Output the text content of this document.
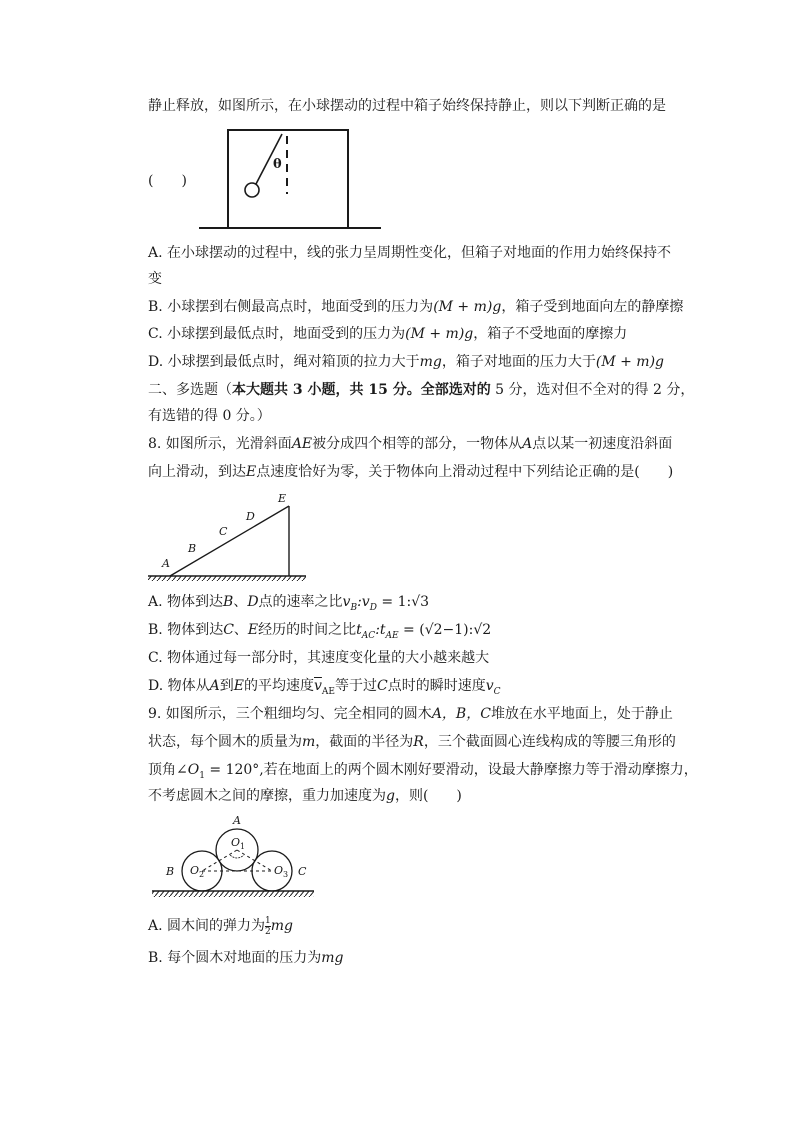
静止释放，如图所示，在小球摆动的过程中箱子始终保持静止，则以下判断正确的是
θ
(　　)
A. 在小球摆动的过程中，线的张力呈周期性变化，但箱子对地面的作用力始终保持不
变
B. 小球摆到右侧最高点时，地面受到的压力为(M + m)g，箱子受到地面向左的静摩擦
C. 小球摆到最低点时，地面受到的压力为(M + m)g，箱子不受地面的摩擦力
D. 小球摆到最低点时，绳对箱顶的拉力大于mg，箱子对地面的压力大于(M + m)g
二、多选题（本大题共 3 小题，共 15 分。全部选对的 5 分，选对但不全对的得 2 分，
有选错的得 0 分。）
8. 如图所示，光滑斜面AE被分成四个相等的部分，一物体从A点以某一初速度沿斜面
向上滑动，到达E点速度恰好为零，关于物体向上滑动过程中下列结论正确的是(　　)
A
B
C
D
E
A. 物体到达B、D点的速率之比$v_B:v_D$ = 1:√3
B. 物体到达C、E经历的时间之比$t_{AC}:t_{AE}$ = (√2−1):√2
C. 物体通过每一部分时，其速度变化量的大小越来越大
D. 物体从A到E的平均速度$\overline{v}_{AE}$等于过C点时的瞬时速度$v_C$
9. 如图所示，三个粗细均匀、完全相同的圆木A，B，C堆放在水平地面上，处于静止
状态，每个圆木的质量为m，截面的半径为R，三个截面圆心连线构成的等腰三角形的
顶角$\angle O_1 = 120^\circ$,若在地面上的两个圆木刚好要滑动，设最大静摩擦力等于滑动摩擦力，
不考虑圆木之间的摩擦，重力加速度为g，则(　　)
A
B	C
$O_1$
$O_2$	$O_3$
A. 圆木间的弹力为 $\frac{1}{2}$ mg
B. 每个圆木对地面的压力为mg
